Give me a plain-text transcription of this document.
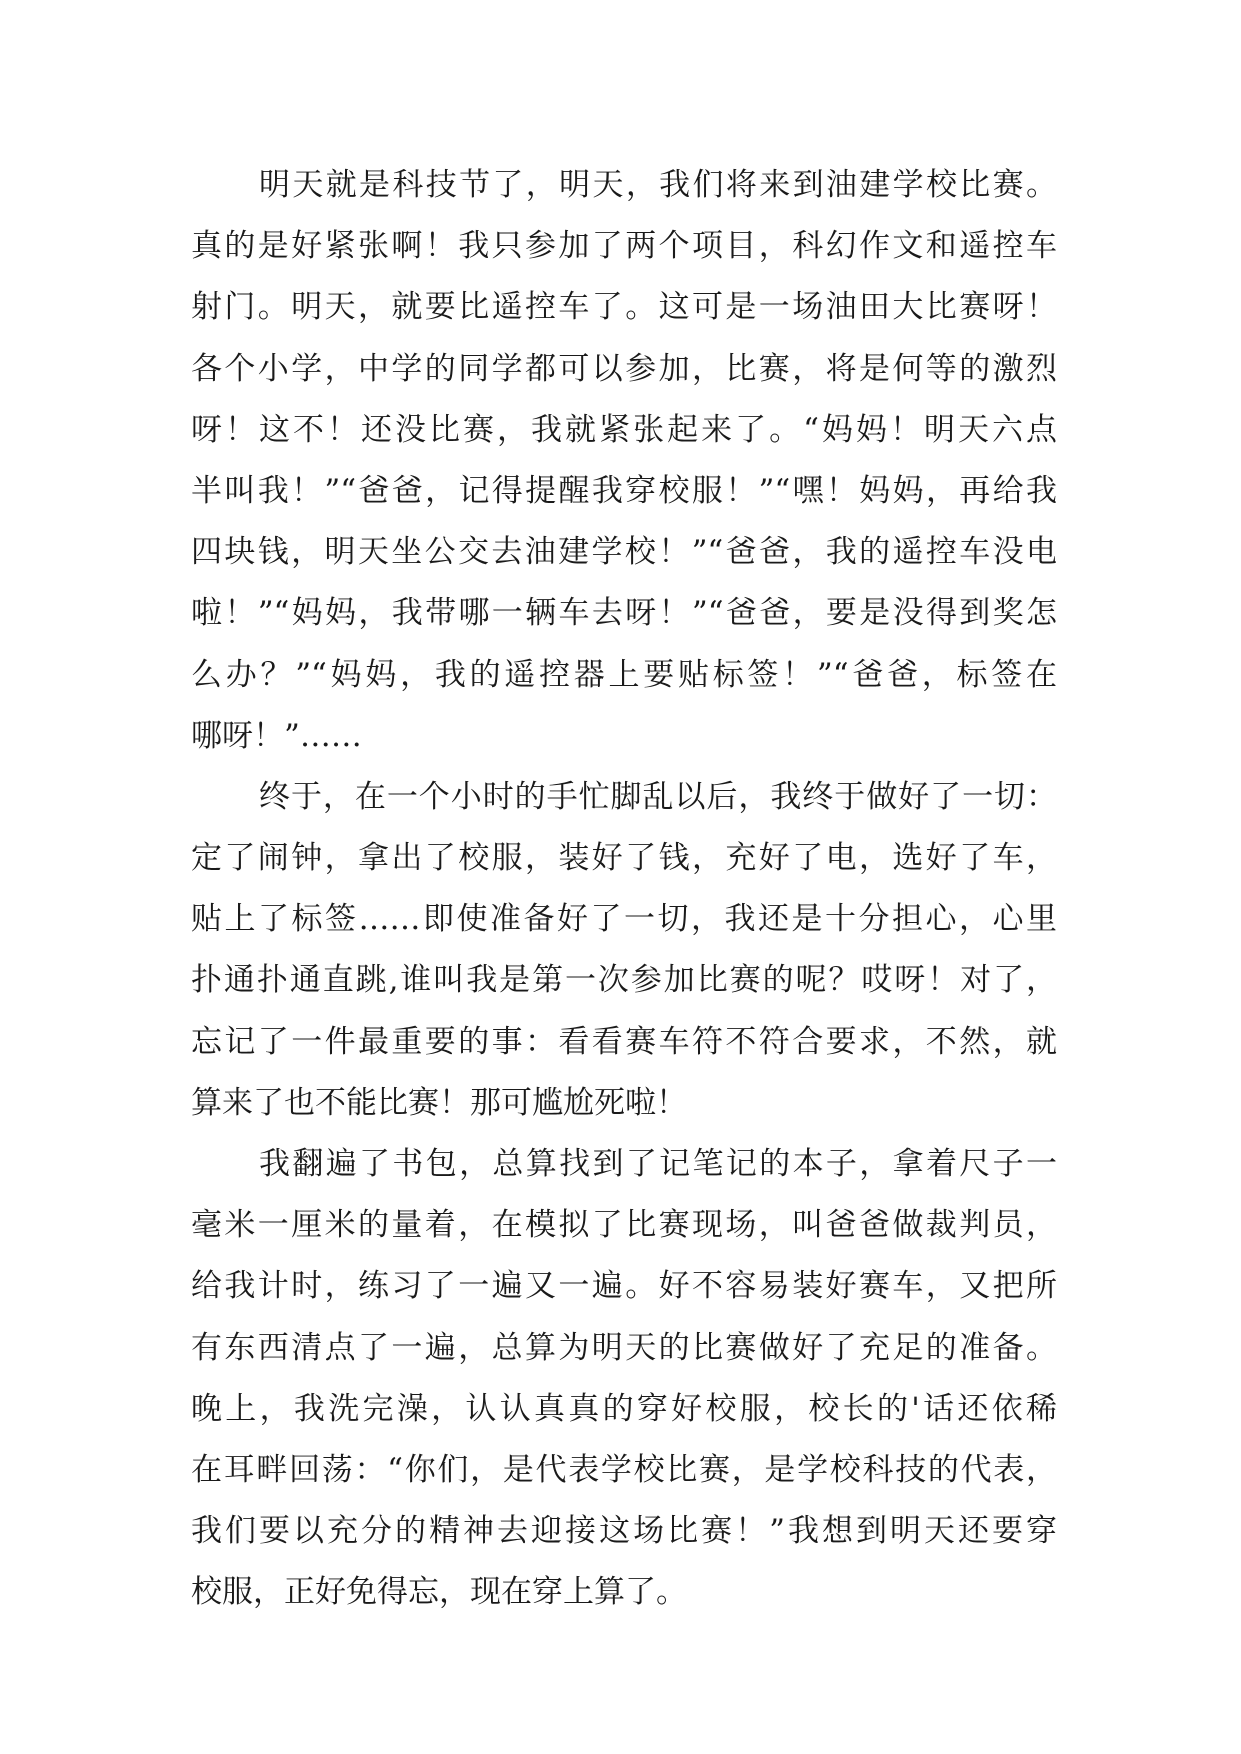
明天就是科技节了，明天，我们将来到油建学校比赛。
真的是好紧张啊！我只参加了两个项目，科幻作文和遥控车
射门。明天，就要比遥控车了。这可是一场油田大比赛呀！
各个小学，中学的同学都可以参加，比赛，将是何等的激烈
呀！这不！还没比赛，我就紧张起来了。“妈妈！明天六点
半叫我！”“爸爸，记得提醒我穿校服！”“嘿！妈妈，再给我
四块钱，明天坐公交去油建学校！”“爸爸，我的遥控车没电
啦！”“妈妈，我带哪一辆车去呀！”“爸爸，要是没得到奖怎
么办？”“妈妈，我的遥控器上要贴标签！”“爸爸，标签在
哪呀！”……
终于，在一个小时的手忙脚乱以后，我终于做好了一切：
定了闹钟，拿出了校服，装好了钱，充好了电，选好了车，
贴上了标签……即使准备好了一切，我还是十分担心，心里
扑通扑通直跳,谁叫我是第一次参加比赛的呢？哎呀！对了，
忘记了一件最重要的事：看看赛车符不符合要求，不然，就
算来了也不能比赛！那可尴尬死啦！
我翻遍了书包，总算找到了记笔记的本子，拿着尺子一
毫米一厘米的量着，在模拟了比赛现场，叫爸爸做裁判员，
给我计时，练习了一遍又一遍。好不容易装好赛车，又把所
有东西清点了一遍，总算为明天的比赛做好了充足的准备。
晚上，我洗完澡，认认真真的穿好校服，校长的'话还依稀
在耳畔回荡：“你们，是代表学校比赛，是学校科技的代表，
我们要以充分的精神去迎接这场比赛！”我想到明天还要穿
校服，正好免得忘，现在穿上算了。
